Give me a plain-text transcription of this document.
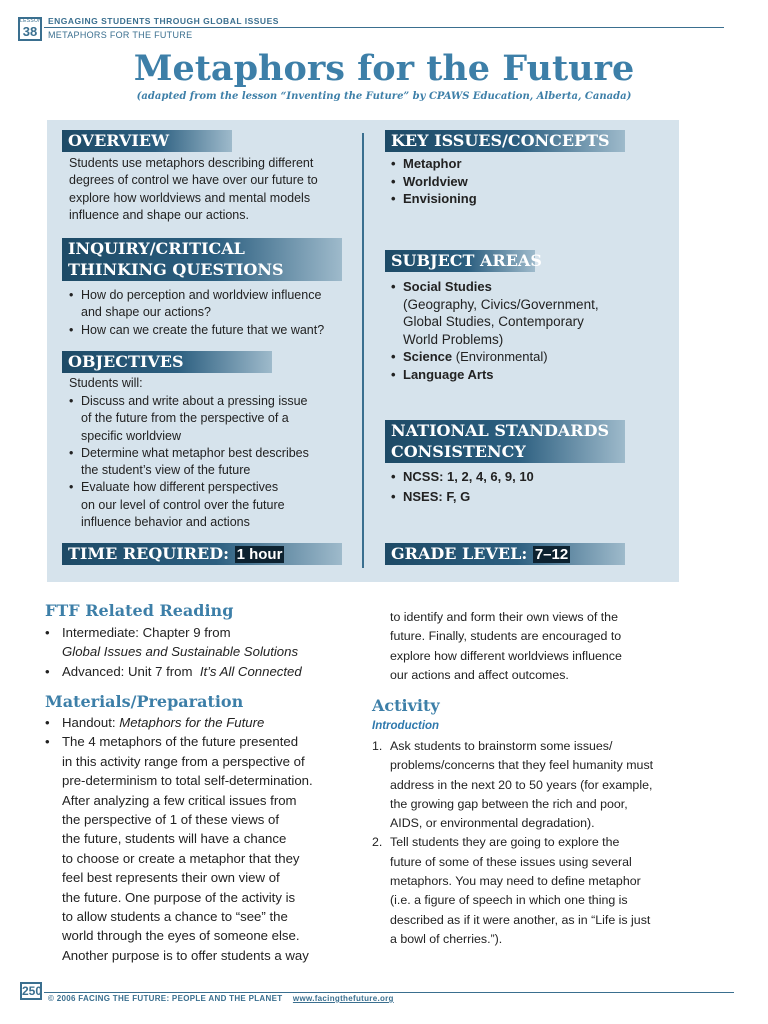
LESSON
38
ENGAGING STUDENTS THROUGH GLOBAL ISSUES
METAPHORS FOR THE FUTURE
Metaphors for the Future
(adapted from the lesson “Inventing the Future” by CPAWS Education, Alberta, Canada)
OVERVIEW
Students use metaphors describing different
degrees of control we have over our future to
explore how worldviews and mental models
influence and shape our actions.
INQUIRY/CRITICAL
THINKING QUESTIONS
• How do perception and worldview influence
and shape our actions?
• How can we create the future that we want?
OBJECTIVES
Students will:
• Discuss and write about a pressing issue
of the future from the perspective of a
specific worldview
• Determine what metaphor best describes
the student’s view of the future
• Evaluate how different perspectives
on our level of control over the future
influence behavior and actions
TIME REQUIRED: 1 hour
KEY ISSUES/CONCEPTS
• Metaphor
• Worldview
• Envisioning
SUBJECT AREAS
• Social Studies
(Geography, Civics/Government,
Global Studies, Contemporary
World Problems)
• Science (Environmental)
• Language Arts
NATIONAL STANDARDS
CONSISTENCY
• NCSS: 1, 2, 4, 6, 9, 10
• NSES: F, G
GRADE LEVEL: 7–12
FTF Related Reading
• Intermediate: Chapter 9 from
Global Issues and Sustainable Solutions
• Advanced: Unit 7 from It’s All Connected
Materials/Preparation
• Handout: Metaphors for the Future
• The 4 metaphors of the future presented
in this activity range from a perspective of
pre-determinism to total self-determination.
After analyzing a few critical issues from
the perspective of 1 of these views of
the future, students will have a chance
to choose or create a metaphor that they
feel best represents their own view of
the future. One purpose of the activity is
to allow students a chance to “see” the
world through the eyes of someone else.
Another purpose is to offer students a way
to identify and form their own views of the
future. Finally, students are encouraged to
explore how different worldviews influence
our actions and affect outcomes.
Activity
Introduction
1. Ask students to brainstorm some issues/
problems/concerns that they feel humanity must
address in the next 20 to 50 years (for example,
the growing gap between the rich and poor,
AIDS, or environmental degradation).
2. Tell students they are going to explore the
future of some of these issues using several
metaphors. You may need to define metaphor
(i.e. a figure of speech in which one thing is
described as if it were another, as in “Life is just
a bowl of cherries.”).
250
© 2006 FACING THE FUTURE: PEOPLE AND THE PLANET www.facingthefuture.org
